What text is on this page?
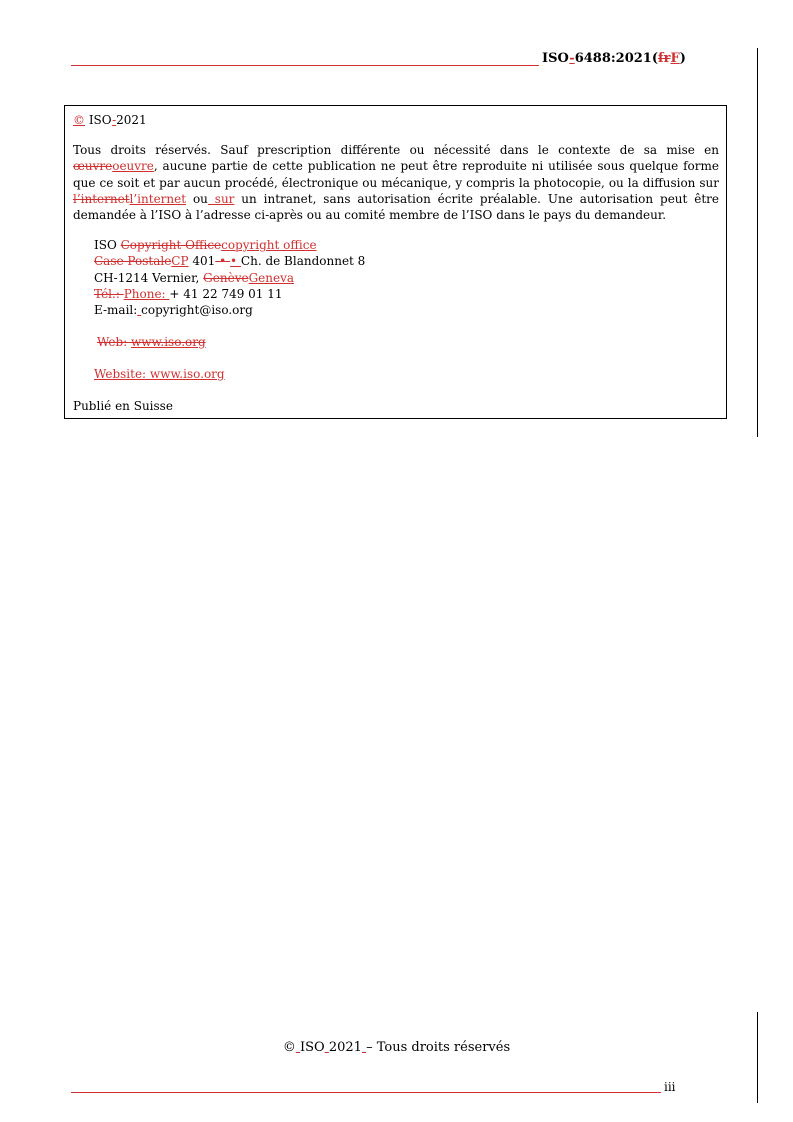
ISO-6488:2021(frF)
© ISO-2021
Tous droits réservés. Sauf prescription différente ou nécessité dans le contexte de sa mise en œuvreoeuvre, aucune partie de cette publication ne peut être reproduite ni utilisée sous quelque forme que ce soit et par aucun procédé, électronique ou mécanique, y compris la photocopie, ou la diffusion sur l’internetl’internet ou sur un intranet, sans autorisation écrite préalable. Une autorisation peut être demandée à l’ISO à l’adresse ci-après ou au comité membre de l’ISO dans le pays du demandeur.
ISO Copyright Officecopyright office
Case PostaleCP 401 • • Ch. de Blandonnet 8
CH-1214 Vernier, GenèveGeneva
Tél.: Phone: + 41 22 749 01 11
E-mail: copyright@iso.org
Web: www.iso.org
Website: www.iso.org
Publié en Suisse
© ISO 2021 – Tous droits réservés
iii
